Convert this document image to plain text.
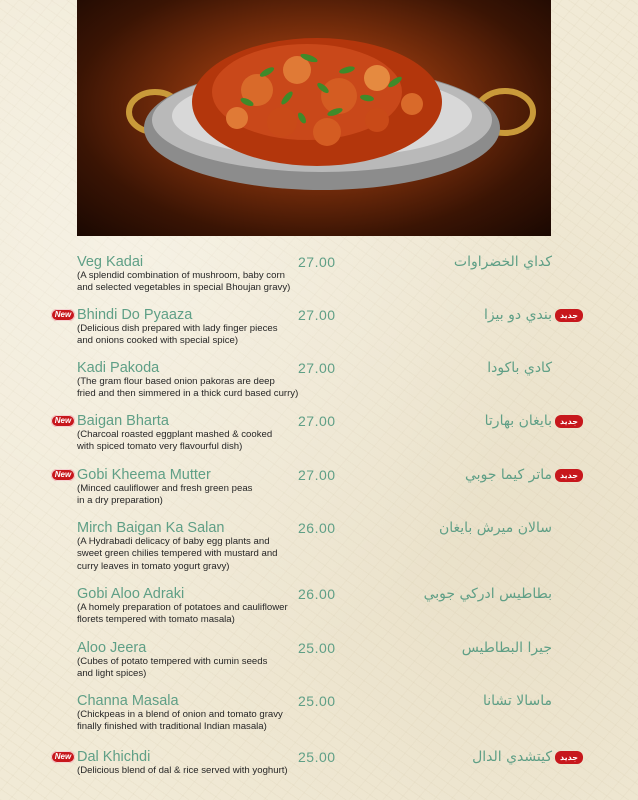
Veg Kadai
(A splendid combination of mushroom, baby corn
and selected vegetables in special Bhoujan gravy)
27.00	كداي الخضراوات
New Bhindi Do Pyaaza
(Delicious dish prepared with lady finger pieces
and onions cooked with special spice)
27.00	بندي دو بيزا جديد
Kadi Pakoda
(The gram flour based onion pakoras are deep
fried and then simmered in a thick curd based curry)
27.00	كادي باكودا
New Baigan Bharta
(Charcoal roasted eggplant mashed & cooked
with spiced tomato very flavourful dish)
27.00	بايغان بهارتا جديد
New Gobi Kheema Mutter
(Minced cauliflower and fresh green peas
in a dry preparation)
27.00	ماتر كيما جوبي جديد
Mirch Baigan Ka Salan
(A Hydrabadi delicacy of baby egg plants and
sweet green chilies tempered with mustard and
curry leaves in tomato yogurt gravy)
26.00	سالان ميرش بايغان
Gobi Aloo Adraki
(A homely preparation of potatoes and cauliflower
florets tempered with tomato masala)
26.00	بطاطيس ادركي جوبي
Aloo Jeera
(Cubes of potato tempered with cumin seeds
and light spices)
25.00	جيرا البطاطيس
Channa Masala
(Chickpeas in a blend of onion and tomato gravy
finally finished with traditional Indian masala)
25.00	ماسالا تشانا
New Dal Khichdi
(Delicious blend of dal & rice served with yoghurt)
25.00	كيتشدي الدال جديد
